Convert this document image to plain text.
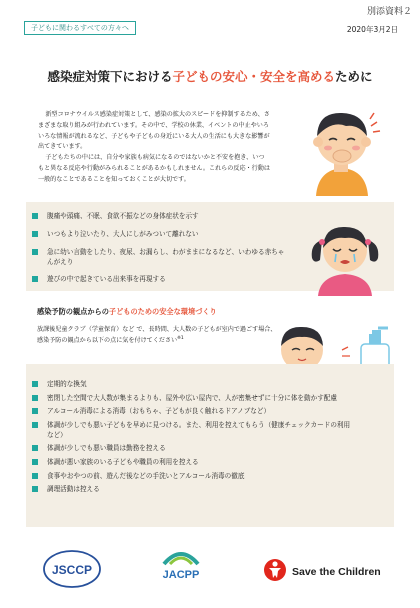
別添資料２
子どもに関わるすべての方々へ	2020年3月2日
感染症対策下における子どもの安心・安全を高めるために

新型コロナウイルス感染症対策として、感染の拡大のスピードを抑制するため、さまざまな取り組みが行われています。その中で、学校の休業、イベントの中止やいろいろな情報が流れるなど、子どもや子どもの身近にいる大人の生活にも大きな影響が出てきています。

子どもたちの中には、自分や家族も病気になるのではないかと不安を抱き、いつもと異なる反応や行動がみられることがあるかもしれません。これらの反応・行動は一般的なことであることを知っておくことが大切です。

腹痛や頭痛、不眠、食欲不振などの身体症状を示す
いつもより泣いたり、大人にしがみついて離れない
急に幼い言動をしたり、夜尿、お漏らし、わがままになるなど、いわゆる赤ちゃんがえり
遊びの中で起きている出来事を再現する
感染予防の観点からの子どものための安全な環境づくり
放課後児童クラブ（学童保育）など で、長時間、大人数の子どもが室内で過ごす場合、感染予防の観点から以下の点に気を付けてください$^{※1}$
定期的な換気
密閉した空間で大人数が集まるよりも、屋外や広い屋内で、人が密集せずに十分に体を動かす配慮
アルコール消毒による消毒（おもちゃ、子どもが良く触れるドアノブなど）
体調が少しでも悪い子どもを早めに見つける。また、利用を控えてもらう（健康チェックカードの利用など）
体調が少しでも悪い職員は勤務を控える
体調が悪い家族のいる子どもや職員の利用を控える
食事やおやつの前、遊んだ後などの手洗いとアルコール消毒の徹底
調理活動は控える
JSCCP	JACPP	Save the Children
